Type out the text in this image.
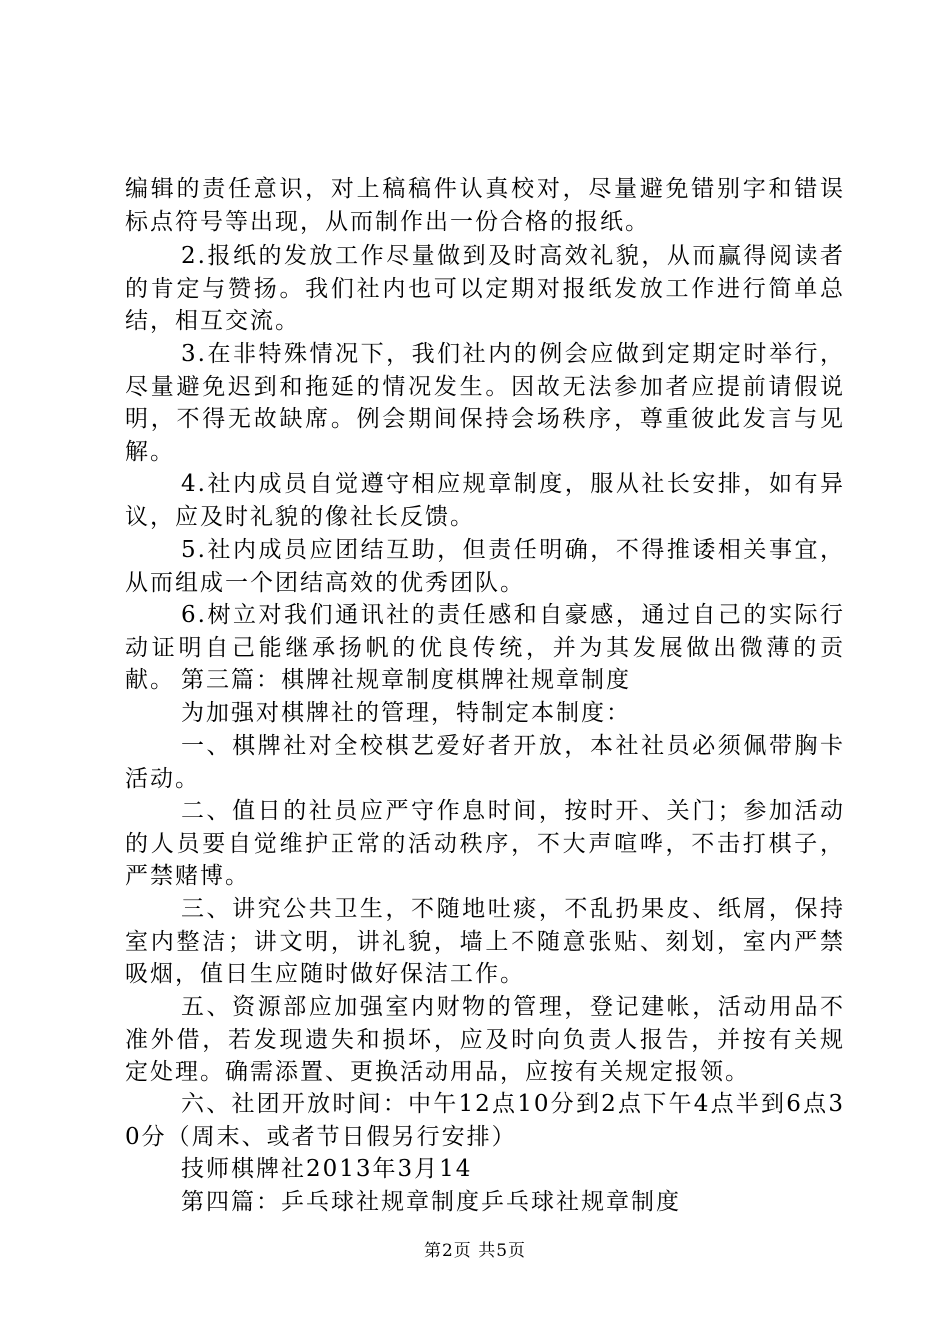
编辑的责任意识，对上稿稿件认真校对，尽量避免错别字和错误标点符号等出现，从而制作出一份合格的报纸。

2.报纸的发放工作尽量做到及时高效礼貌，从而赢得阅读者的肯定与赞扬。我们社内也可以定期对报纸发放工作进行简单总结，相互交流。

3.在非特殊情况下，我们社内的例会应做到定期定时举行，尽量避免迟到和拖延的情况发生。因故无法参加者应提前请假说明，不得无故缺席。例会期间保持会场秩序，尊重彼此发言与见解。

4.社内成员自觉遵守相应规章制度，服从社长安排，如有异议，应及时礼貌的像社长反馈。

5.社内成员应团结互助，但责任明确，不得推诿相关事宜，从而组成一个团结高效的优秀团队。

6.树立对我们通讯社的责任感和自豪感，通过自己的实际行动证明自己能继承扬帆的优良传统，并为其发展做出微薄的贡献。 第三篇：棋牌社规章制度棋牌社规章制度

为加强对棋牌社的管理，特制定本制度：

一、棋牌社对全校棋艺爱好者开放，本社社员必须佩带胸卡活动。

二、值日的社员应严守作息时间，按时开、关门；参加活动的人员要自觉维护正常的活动秩序，不大声喧哗，不击打棋子，严禁赌博。

三、讲究公共卫生，不随地吐痰，不乱扔果皮、纸屑，保持室内整洁；讲文明，讲礼貌，墙上不随意张贴、刻划，室内严禁吸烟，值日生应随时做好保洁工作。

五、资源部应加强室内财物的管理，登记建帐，活动用品不准外借，若发现遗失和损坏，应及时向负责人报告，并按有关规定处理。确需添置、更换活动用品，应按有关规定报领。

六、社团开放时间：中午12点10分到2点下午4点半到6点30分（周末、或者节日假另行安排）

技师棋牌社2013年3月14

第四篇：乒乓球社规章制度乒乓球社规章制度

第2页 共5页
